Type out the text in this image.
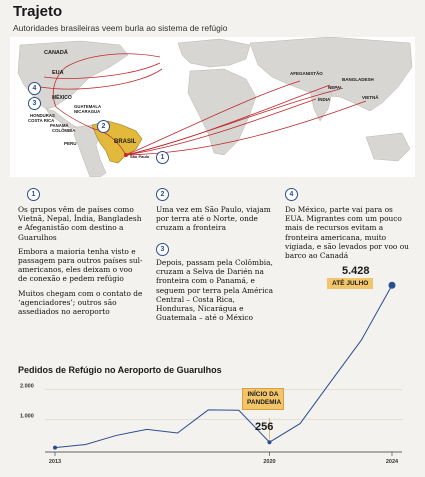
Trajeto
Autoridades brasileiras veem burla ao sistema de refúgio
CANADÁ
EUA
MÉXICO
GUATEMALA
NICARAGUA
HONDURAS
COSTA RICA
PANAMÁ
COLÔMBIA
PERU	BRASIL
São Paulo
AFEGANISTÃO
BANGLADESH
NEPAL
ÍNDIA	VIETNÃ
1
2
3
4
1

Os grupos vêm de países como Vietnã, Nepal, Índia, Bangladesh e Afeganistão com destino a Guarulhos

Embora a maioria tenha visto e passagem para outros países sul-americanos, eles deixam o voo de conexão e pedem refúgio

Muitos chegam com o contato de ‘agenciadores’; outros são assediados no aeroporto

2

Uma vez em São Paulo, viajam por terra até o Norte, onde cruzam a fronteira

3

Depois, passam pela Colômbia, cruzam a Selva de Darién na fronteira com o Panamá, e seguem por terra pela América Central – Costa Rica, Honduras, Nicarágua e Guatemala – até o México

4

Do México, parte vai para os EUA. Migrantes com um pouco mais de recursos evitam a fronteira americana, muito vigiada, e são levados por voo ou barco ao Canadá

Pedidos de Refúgio no Aeroporto de Guarulhos
2.000
1.000
2013	2020	2024
INÍCIO DA PANDEMIA
ATÉ JULHO
5.428
256
